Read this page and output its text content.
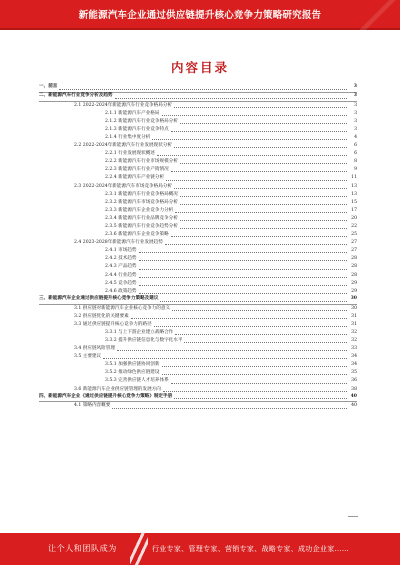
新能源汽车企业通过供应链提升核心竞争力策略研究报告
内容目录
一、前言	3
二、新能源汽车行业竞争分析及趋势	3
2.1 2022-2024年新能源汽车行业竞争格局分析	3
2.1.1 新能源汽车产业格局	3
2.1.2 新能源汽车行业竞争格局分析	3
2.1.3 新能源汽车行业竞争特点	3
2.1.4 行业集中度分析	4
2.2 2022-2024年新能源汽车行业发展现状分析	6
2.2.1 行业发展现状概述	6
2.2.2 新能源汽车行业市场规模分析	8
2.2.3 新能源汽车行业产销情况	9
2.2.4 新能源汽车产业链分析	11
2.3 2022-2024年新能源汽车市场竞争格局分析	13
2.3.1 新能源汽车行业竞争格局概况	13
2.3.2 新能源汽车市场竞争格局分析	15
2.3.3 新能源汽车企业竞争力分析	17
2.3.4 新能源汽车行业品牌竞争分析	20
2.3.5 新能源汽车行业竞争趋势分析	22
2.3.6 新能源汽车企业竞争策略	25
2.4 2023-2028年新能源汽车行业发展趋势	27
2.4.1 市场趋势	27
2.4.2 技术趋势	28
2.4.3 产品趋势	28
2.4.4 行业趋势	28
2.4.5 竞争趋势	29
2.4.6 政策趋势	29
三、新能源汽车企业通过供应链提升核心竞争力策略及建议	30
3.1 供应链对新能源汽车企业核心竞争力的意义	30
3.2 供应链优化的关键要素	31
3.3 通过供应链提升核心竞争力的路径	31
3.3.1 与上下游企业建立战略合作	32
3.3.2 提升供应链信息化与数字化水平	32
3.4 供应链风险管理	33
3.5 主要建议	34
3.5.1 加强供应链协同创新	34
3.5.2 推动绿色供应链建设	35
3.5.3 完善供应链人才培养体系	36
3.6 新能源汽车企业供应链管理的发展方向	38
四、新能源汽车企业《通过供应链提升核心竞争力策略》制定手册	40
4.1 策略内容概要	40
让个人和团队成为	行业专家、管理专家、营销专家、战略专家、成功企业家……
